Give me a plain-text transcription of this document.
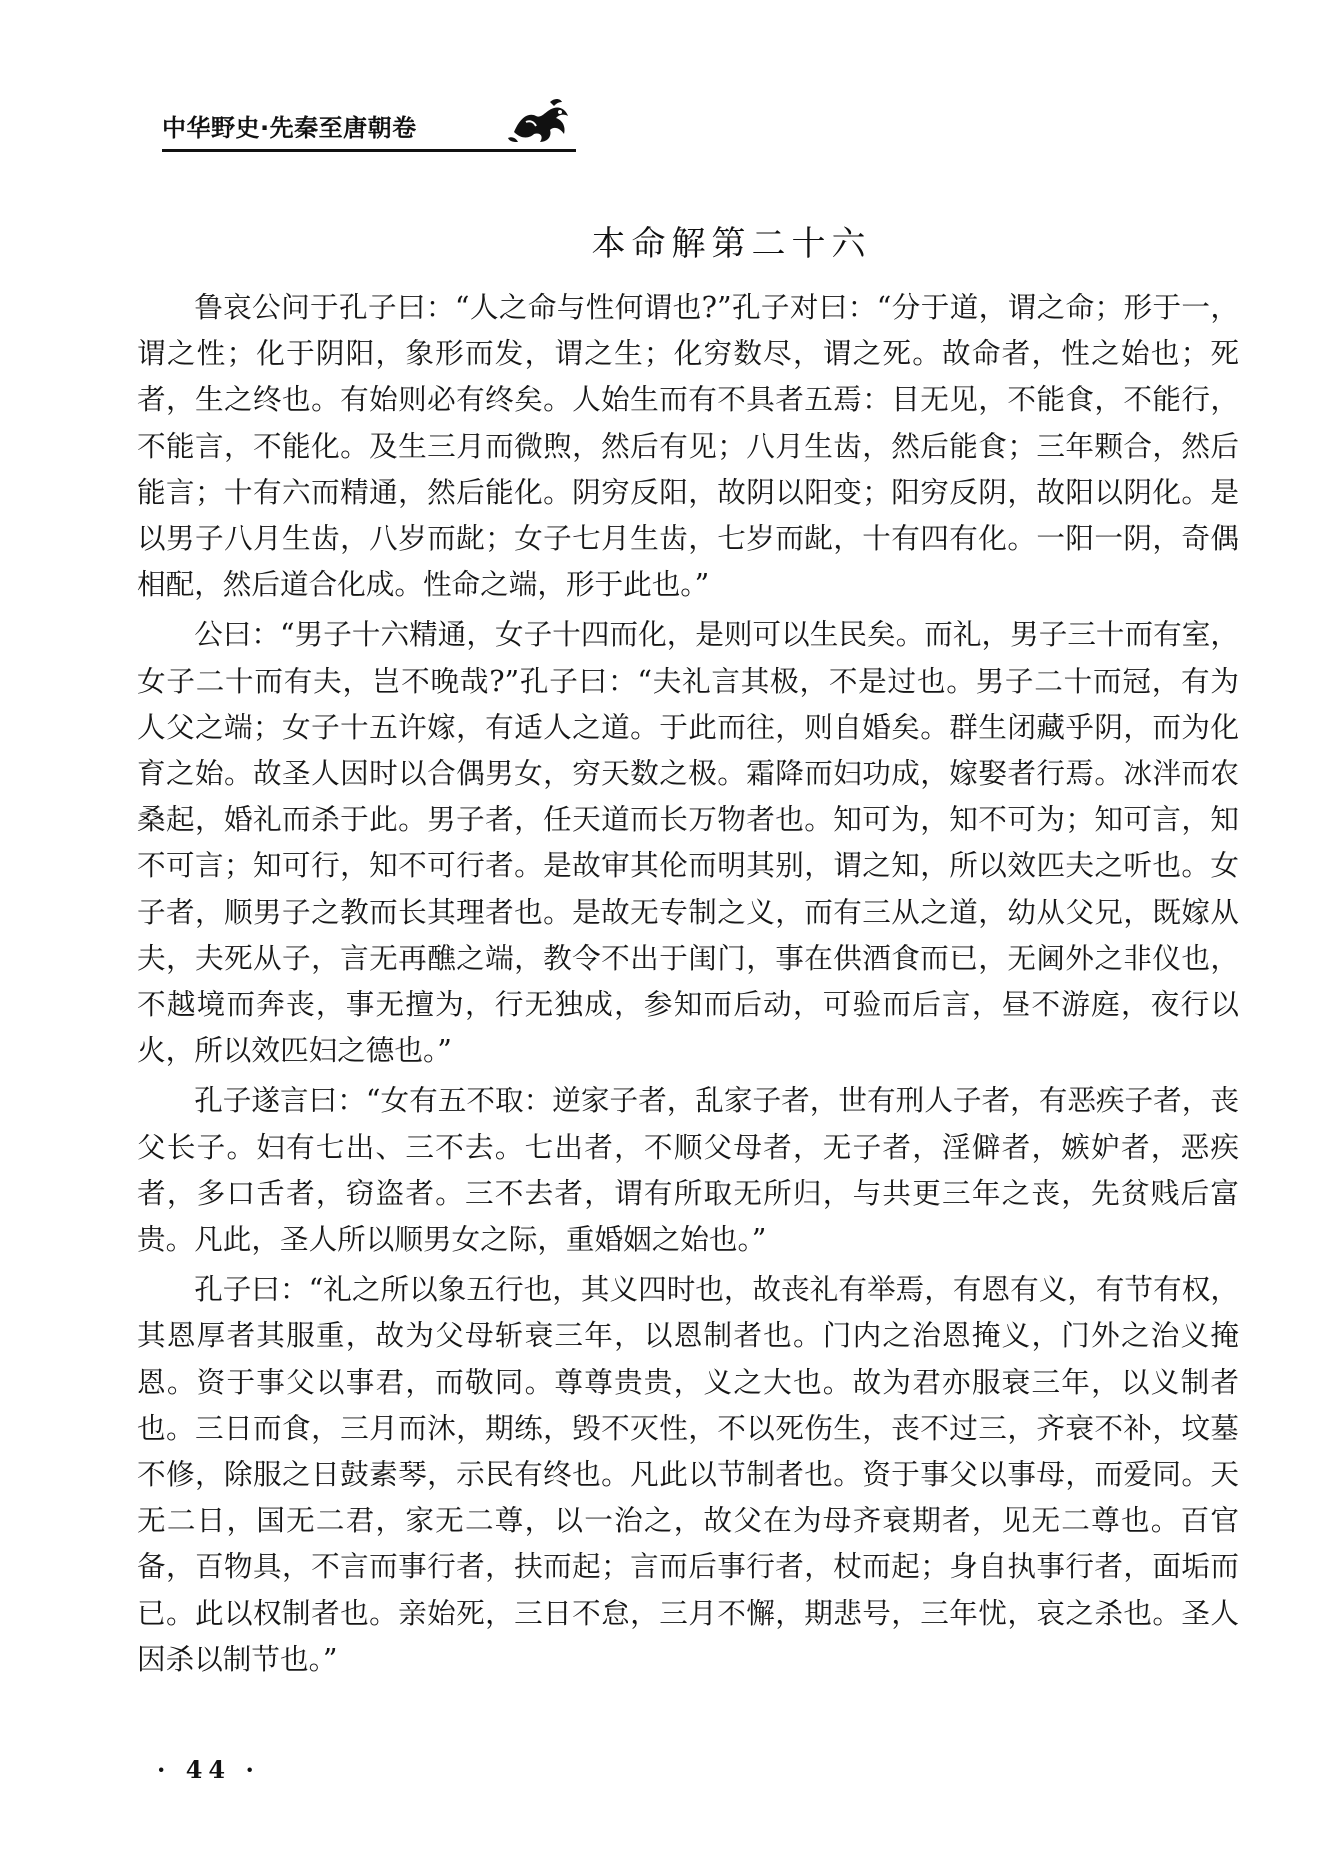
中华野史·先秦至唐朝卷
本命解第二十六

鲁哀公问于孔子曰：“人之命与性何谓也?”孔子对曰：“分于道，谓之命；形于一，谓之性；化于阴阳，象形而发，谓之生；化穷数尽，谓之死。故命者，性之始也；死者，生之终也。有始则必有终矣。人始生而有不具者五焉：目无见，不能食，不能行，不能言，不能化。及生三月而微煦，然后有见；八月生齿，然后能食；三年颗合，然后能言；十有六而精通，然后能化。阴穷反阳，故阴以阳变；阳穷反阴，故阳以阴化。是以男子八月生齿，八岁而龀；女子七月生齿，七岁而龀，十有四有化。一阳一阴，奇偶相配，然后道合化成。性命之端，形于此也。”

公曰：“男子十六精通，女子十四而化，是则可以生民矣。而礼，男子三十而有室，女子二十而有夫，岂不晚哉?”孔子曰：“夫礼言其极，不是过也。男子二十而冠，有为人父之端；女子十五许嫁，有适人之道。于此而往，则自婚矣。群生闭藏乎阴，而为化育之始。故圣人因时以合偶男女，穷天数之极。霜降而妇功成，嫁娶者行焉。冰泮而农桑起，婚礼而杀于此。男子者，任天道而长万物者也。知可为，知不可为；知可言，知不可言；知可行，知不可行者。是故审其伦而明其别，谓之知，所以效匹夫之听也。女子者，顺男子之教而长其理者也。是故无专制之义，而有三从之道，幼从父兄，既嫁从夫，夫死从子，言无再醮之端，教令不出于闺门，事在供酒食而已，无阃外之非仪也，不越境而奔丧，事无擅为，行无独成，参知而后动，可验而后言，昼不游庭，夜行以火，所以效匹妇之德也。”

孔子遂言曰：“女有五不取：逆家子者，乱家子者，世有刑人子者，有恶疾子者，丧父长子。妇有七出、三不去。七出者，不顺父母者，无子者，淫僻者，嫉妒者，恶疾者，多口舌者，窃盗者。三不去者，谓有所取无所归，与共更三年之丧，先贫贱后富贵。凡此，圣人所以顺男女之际，重婚姻之始也。”

孔子曰：“礼之所以象五行也，其义四时也，故丧礼有举焉，有恩有义，有节有权，其恩厚者其服重，故为父母斩衰三年，以恩制者也。门内之治恩掩义，门外之治义掩恩。资于事父以事君，而敬同。尊尊贵贵，义之大也。故为君亦服衰三年，以义制者也。三日而食，三月而沐，期练，毁不灭性，不以死伤生，丧不过三，齐衰不补，坟墓不修，除服之日鼓素琴，示民有终也。凡此以节制者也。资于事父以事母，而爱同。天无二日，国无二君，家无二尊，以一治之，故父在为母齐衰期者，见无二尊也。百官备，百物具，不言而事行者，扶而起；言而后事行者，杖而起；身自执事行者，面垢而已。此以权制者也。亲始死，三日不怠，三月不懈，期悲号，三年忧，哀之杀也。圣人因杀以制节也。”

· 44 ·
